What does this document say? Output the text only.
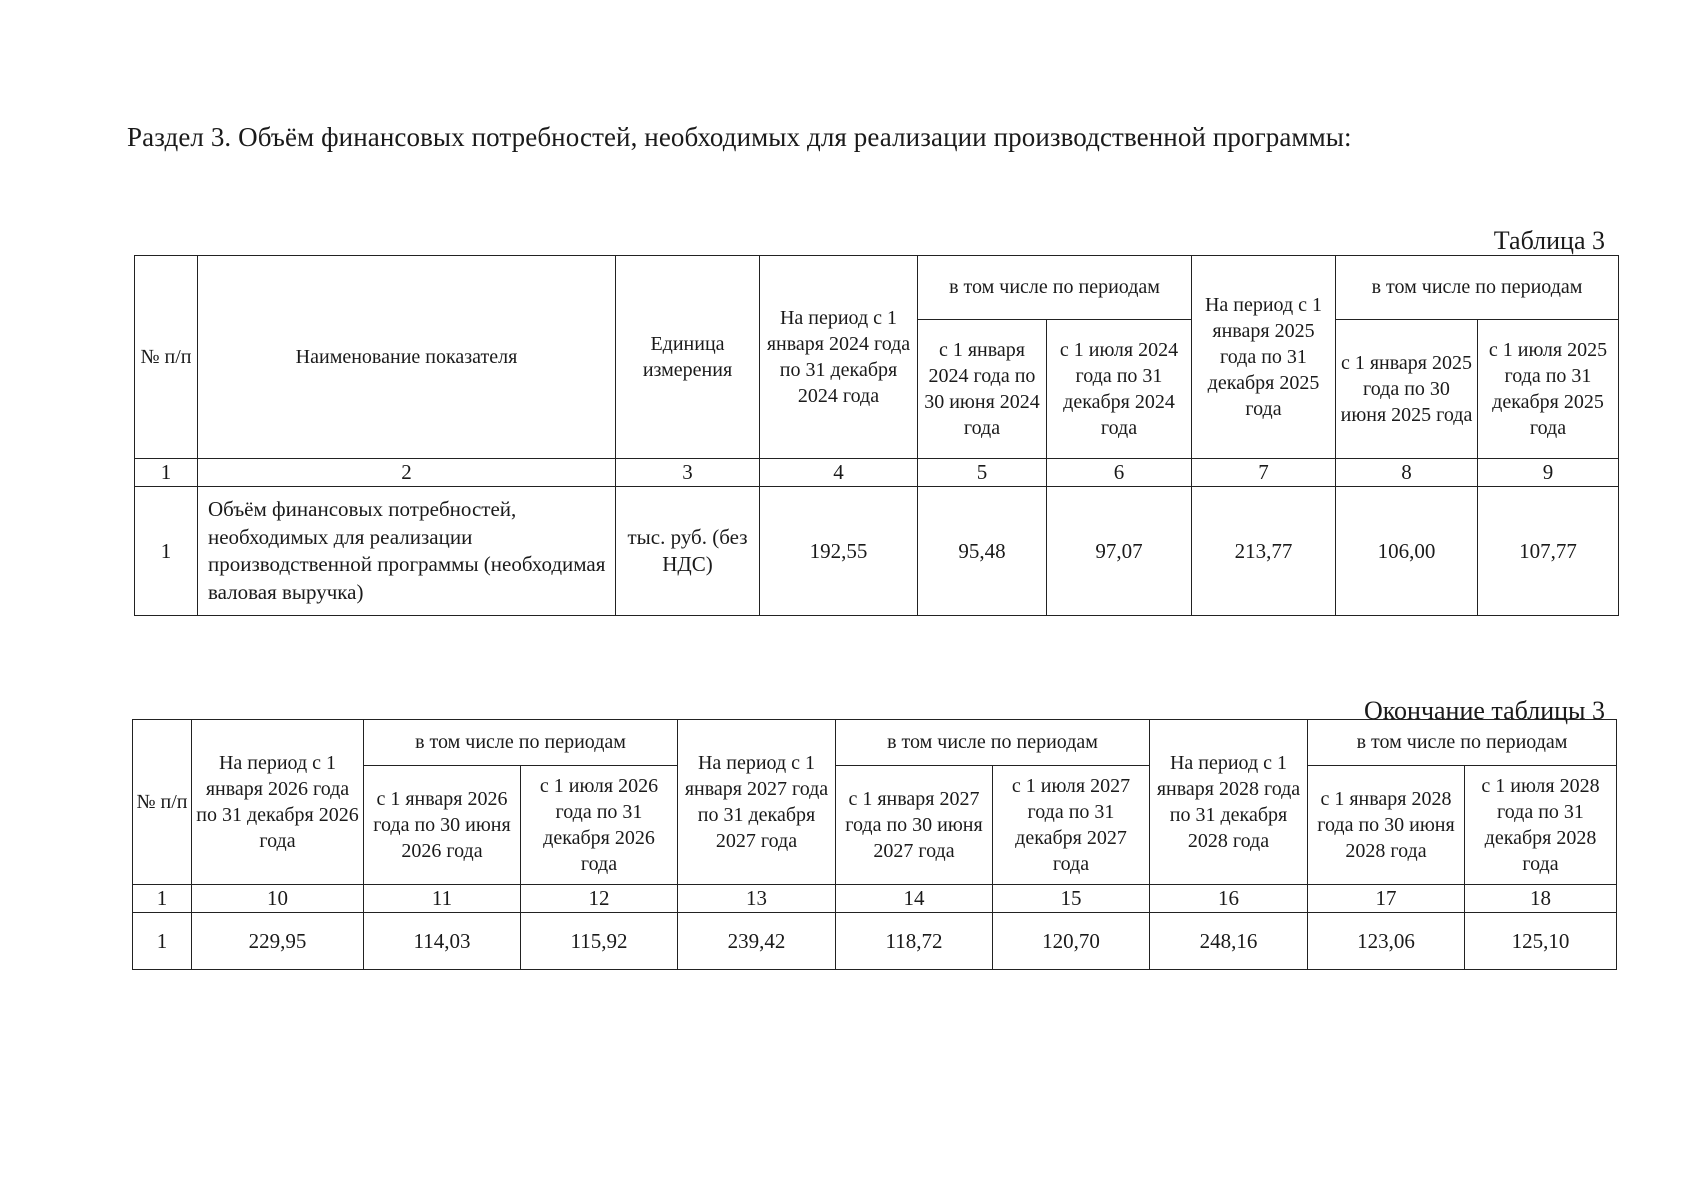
Раздел 3. Объём финансовых потребностей, необходимых для реализации производственной программы:
Таблица 3
№ п/п	Наименование показателя	Единица измерения	На период с 1 января 2024 года по 31 декабря 2024 года	в том числе по периодам		На период с 1 января 2025 года по 31 декабря 2025 года	в том числе по периодам	
				с 1 января 2024 года по 30 июня 2024 года	с 1 июля 2024 года по 31 декабря 2024 года		с 1 января 2025 года по 30 июня 2025 года	с 1 июля 2025 года по 31 декабря 2025 года
1	2	3	4	5	6	7	8	9
1	Объём финансовых потребностей, необходимых для реализации производственной программы (необходимая валовая выручка)	тыс. руб. (без НДС)	192,55	95,48	97,07	213,77	106,00	107,77
Окончание таблицы 3
№ п/п	На период с 1 января 2026 года по 31 декабря 2026 года	в том числе по периодам		На период с 1 января 2027 года по 31 декабря 2027 года	в том числе по периодам		На период с 1 января 2028 года по 31 декабря 2028 года	в том числе по периодам	
		с 1 января 2026 года по 30 июня 2026 года	с 1 июля 2026 года по 31 декабря 2026 года		с 1 января 2027 года по 30 июня 2027 года	с 1 июля 2027 года по 31 декабря 2027 года		с 1 января 2028 года по 30 июня 2028 года	с 1 июля 2028 года по 31 декабря 2028 года
1	10	11	12	13	14	15	16	17	18
1	229,95	114,03	115,92	239,42	118,72	120,70	248,16	123,06	125,10
